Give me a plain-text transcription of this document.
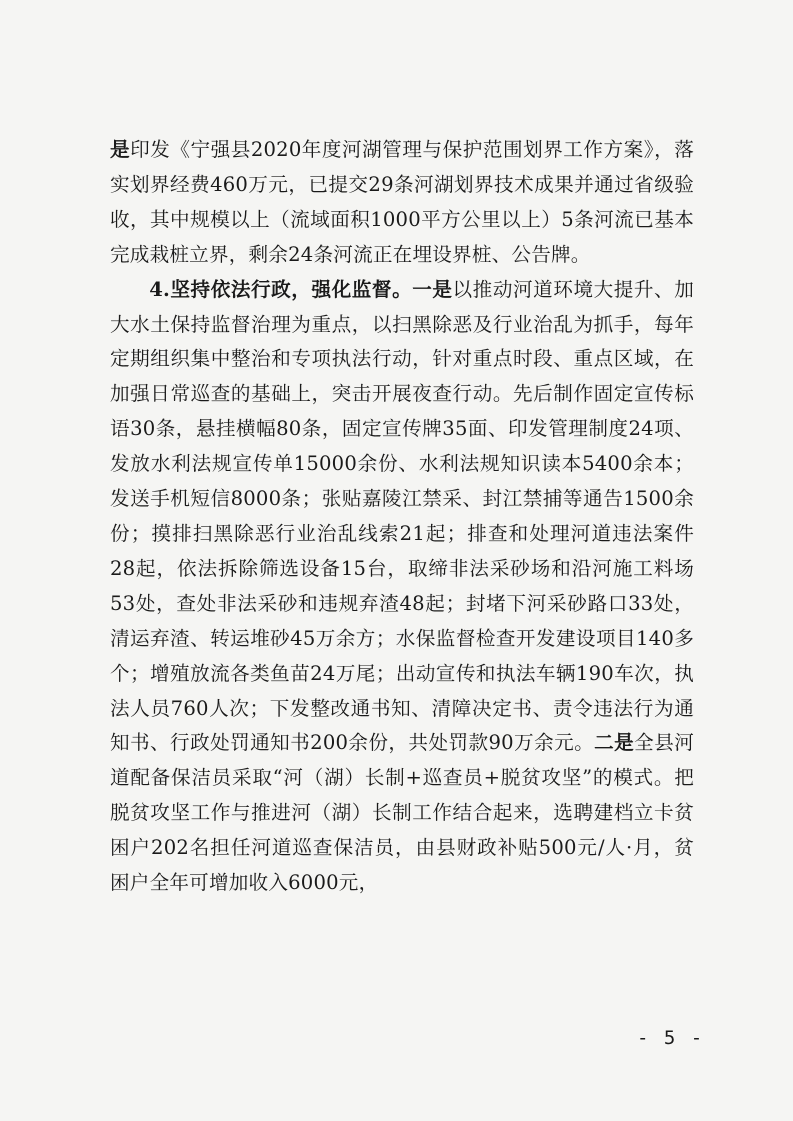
是印发《宁强县2020年度河湖管理与保护范围划界工作方案》，落实划界经费460万元，已提交29条河湖划界技术成果并通过省级验收，其中规模以上（流域面积1000平方公里以上）5条河流已基本完成栽桩立界，剩余24条河流正在埋设界桩、公告牌。

4.坚持依法行政，强化监督。一是以推动河道环境大提升、加大水土保持监督治理为重点，以扫黑除恶及行业治乱为抓手，每年定期组织集中整治和专项执法行动，针对重点时段、重点区域，在加强日常巡查的基础上，突击开展夜查行动。先后制作固定宣传标语30条，悬挂横幅80条，固定宣传牌35面、印发管理制度24项、发放水利法规宣传单15000余份、水利法规知识读本5400余本；发送手机短信8000条；张贴嘉陵江禁采、封江禁捕等通告1500余份；摸排扫黑除恶行业治乱线索21起；排查和处理河道违法案件28起，依法拆除筛选设备15台，取缔非法采砂场和沿河施工料场53处，查处非法采砂和违规弃渣48起；封堵下河采砂路口33处，清运弃渣、转运堆砂45万余方；水保监督检查开发建设项目140多个；增殖放流各类鱼苗24万尾；出动宣传和执法车辆190车次，执法人员760人次；下发整改通书知、清障决定书、责令违法行为通知书、行政处罚通知书200余份，共处罚款90万余元。二是全县河道配备保洁员采取“河（湖）长制+巡查员+脱贫攻坚”的模式。把脱贫攻坚工作与推进河（湖）长制工作结合起来，选聘建档立卡贫困户202名担任河道巡查保洁员，由县财政补贴500元/人·月，贫困户全年可增加收入6000元，

- 5 -
